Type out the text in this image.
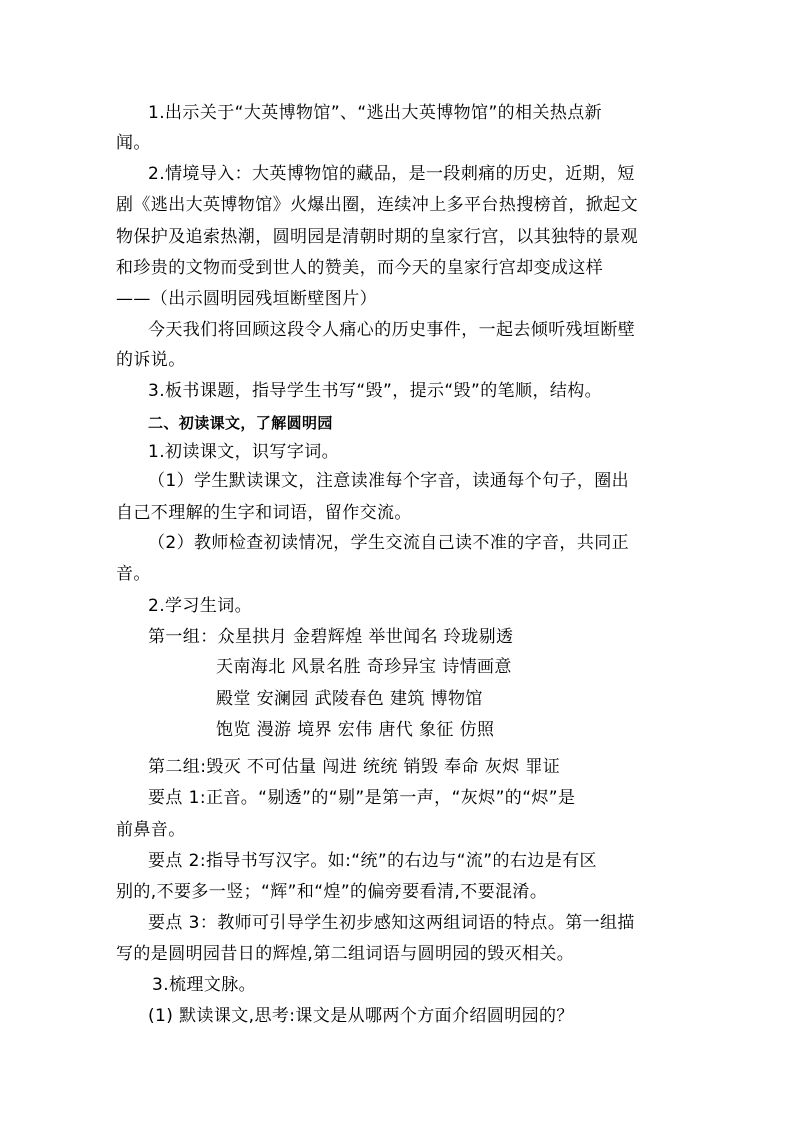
1.出示关于“大英博物馆”、“逃出大英博物馆”的相关热点新
闻。
2.情境导入：大英博物馆的藏品，是一段刺痛的历史，近期，短
剧《逃出大英博物馆》火爆出圈，连续冲上多平台热搜榜首，掀起文
物保护及追索热潮，圆明园是清朝时期的皇家行宫，以其独特的景观
和珍贵的文物而受到世人的赞美，而今天的皇家行宫却变成这样
——（出示圆明园残垣断壁图片）
今天我们将回顾这段令人痛心的历史事件，一起去倾听残垣断壁
的诉说。
3.板书课题，指导学生书写“毁”，提示“毁”的笔顺，结构。
二、初读课文，了解圆明园
1.初读课文，识写字词。
（1）学生默读课文，注意读准每个字音，读通每个句子，圈出
自己不理解的生字和词语，留作交流。
（2）教师检查初读情况，学生交流自己读不准的字音，共同正
音。
2.学习生词。
第一组：众星拱月 金碧辉煌 举世闻名 玲珑剔透
天南海北 风景名胜 奇珍异宝 诗情画意
殿堂 安澜园 武陵春色 建筑 博物馆
饱览 漫游 境界 宏伟 唐代 象征 仿照
第二组:毁灭 不可估量 闯进 统统 销毁 奉命 灰烬 罪证
要点 1:正音。“剔透”的“剔”是第一声，“灰烬”的“烬”是
前鼻音。
要点 2:指导书写汉字。如:“统”的右边与“流”的右边是有区
别的,不要多一竖；“辉”和“煌”的偏旁要看清,不要混淆。
要点 3：教师可引导学生初步感知这两组词语的特点。第一组描
写的是圆明园昔日的辉煌,第二组词语与圆明园的毁灭相关。
3.梳理文脉。
(1) 默读课文,思考:课文是从哪两个方面介绍圆明园的？
